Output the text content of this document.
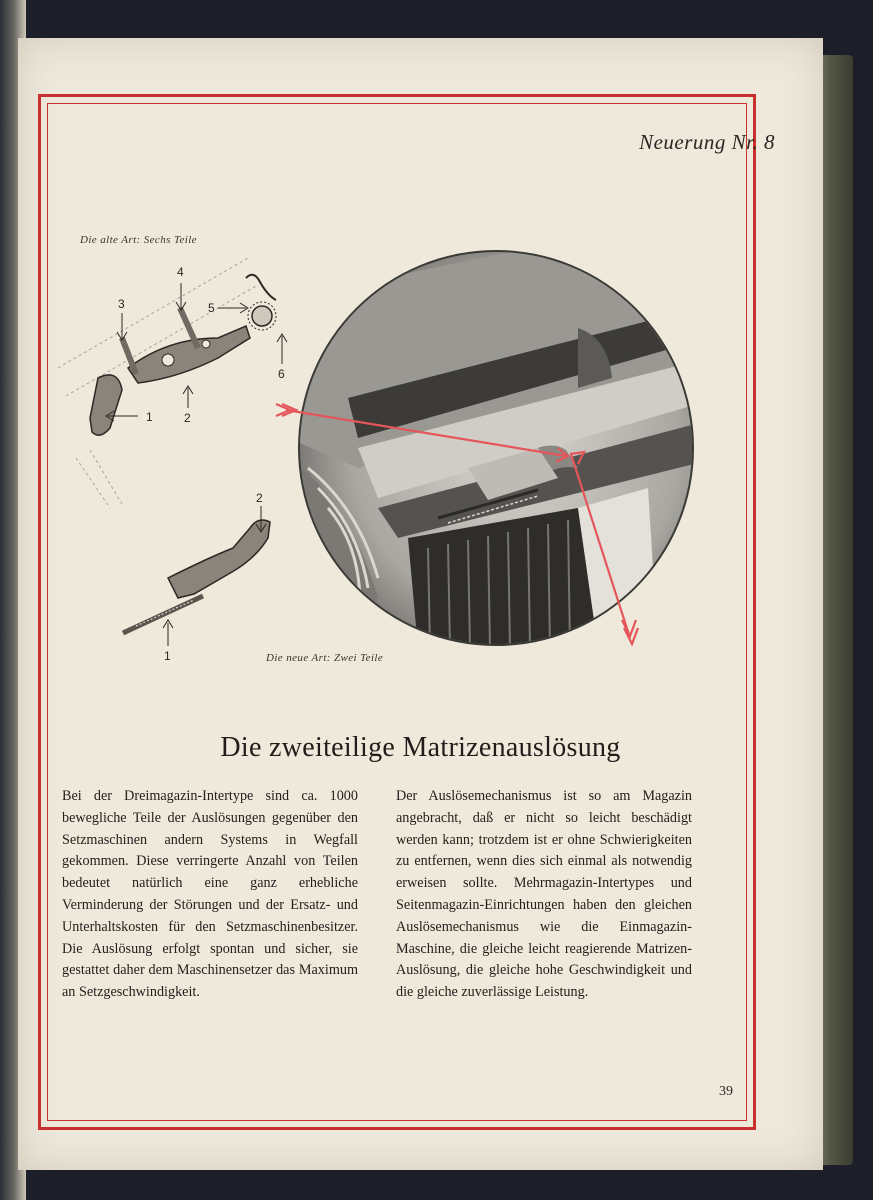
Neuerung Nr. 8
Die alte Art: Sechs Teile
3
4
5
6
2
1
2
1	Die neue Art: Zwei Teile
Die zweiteilige Matrizenauslösung
Bei der Dreimagazin-Intertype sind ca. 1000 bewegliche Teile der Auslösungen gegenüber den Setzmaschinen andern Systems in Wegfall gekommen. Diese verringerte Anzahl von Teilen bedeutet natürlich eine ganz erhebliche Verminderung der Störungen und der Ersatz- und Unterhaltskosten für den Setzmaschinenbesitzer. Die Auslösung erfolgt spontan und sicher, sie gestattet daher dem Maschinensetzer das Maximum an Setzgeschwindigkeit.
Der Auslösemechanismus ist so am Magazin angebracht, daß er nicht so leicht beschädigt werden kann; trotzdem ist er ohne Schwierigkeiten zu entfernen, wenn dies sich einmal als notwendig erweisen sollte. Mehrmagazin-Intertypes und Seitenmagazin-Einrichtungen haben den gleichen Auslösemechanismus wie die Einmagazin-Maschine, die gleiche leicht reagierende Matrizen-Auslösung, die gleiche hohe Geschwindigkeit und die gleiche zuverlässige Leistung.
39
